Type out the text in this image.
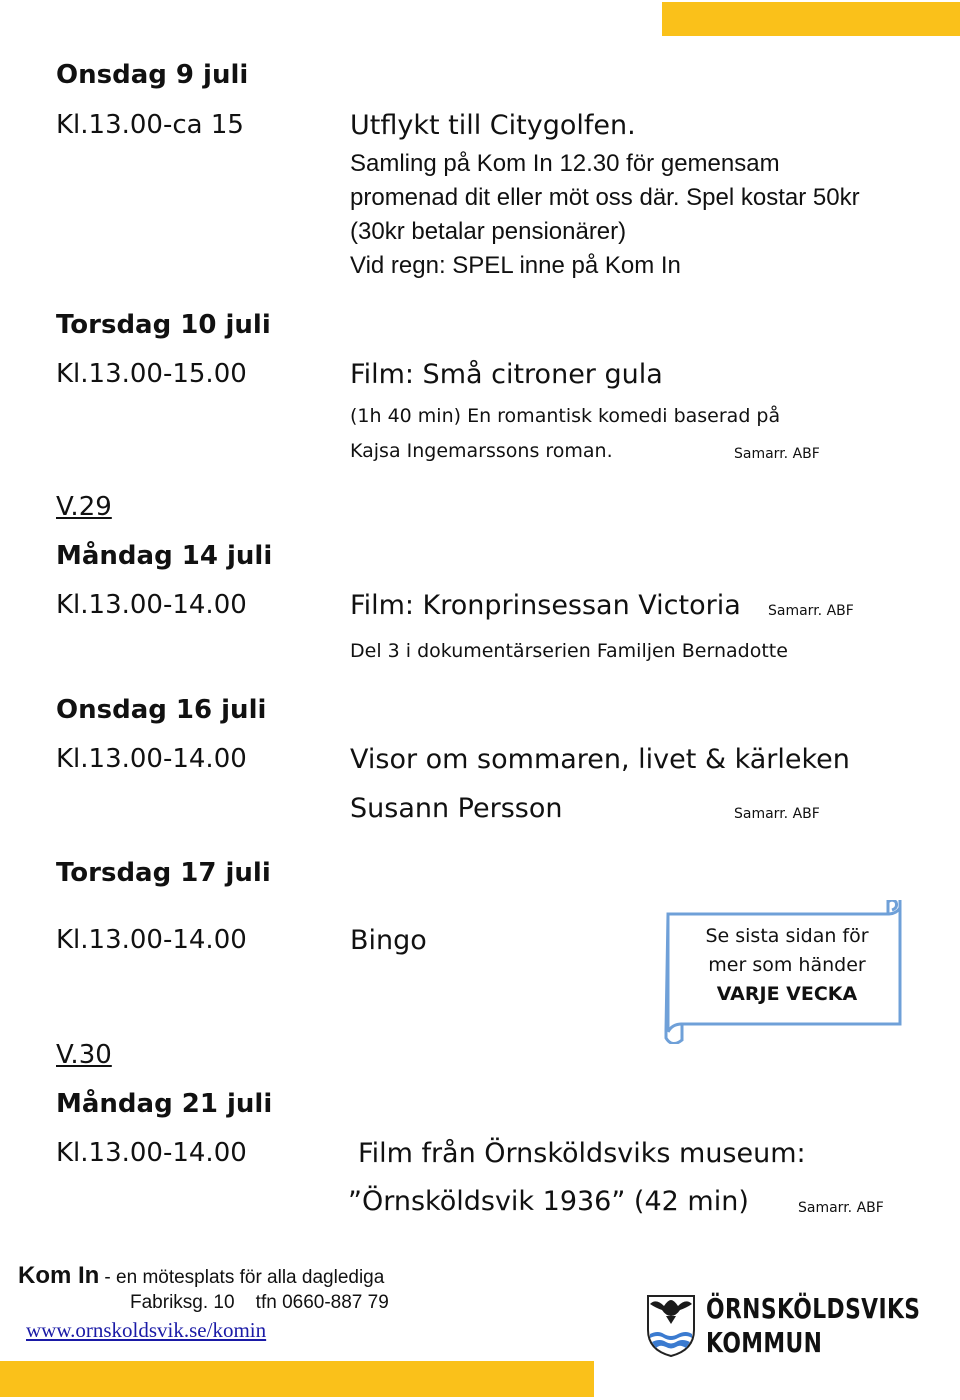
Onsdag 9 juli
Kl.13.00-ca 15	Utflykt till Citygolfen.
Samling på Kom In 12.30 för gemensam
promenad dit eller möt oss där. Spel kostar 50kr
(30kr betalar pensionärer)
Vid regn: SPEL inne på Kom In
Torsdag 10 juli
Kl.13.00-15.00	Film: Små citroner gula
(1h 40 min) En romantisk komedi baserad på
Kajsa Ingemarssons roman.	Samarr. ABF
V.29
Måndag 14 juli
Kl.13.00-14.00	Film: Kronprinsessan Victoria Samarr. ABF
Del 3 i dokumentärserien Familjen Bernadotte
Onsdag 16 juli
Kl.13.00-14.00	Visor om sommaren, livet & kärleken
Susann Persson	Samarr. ABF
Torsdag 17 juli
Kl.13.00-14.00	Bingo	Se sista sidan för
mer som händer
VARJE VECKA
V.30
Måndag 21 juli
Kl.13.00-14.00	Film från Örnsköldsviks museum:
”Örnsköldsvik 1936” (42 min)	Samarr. ABF
Kom In - en mötesplats för alla daglediga
Fabriksg. 10    tfn 0660-887 79
www.ornskoldsvik.se/komin
ÖRNSKÖLDSVIKS
KOMMUN
